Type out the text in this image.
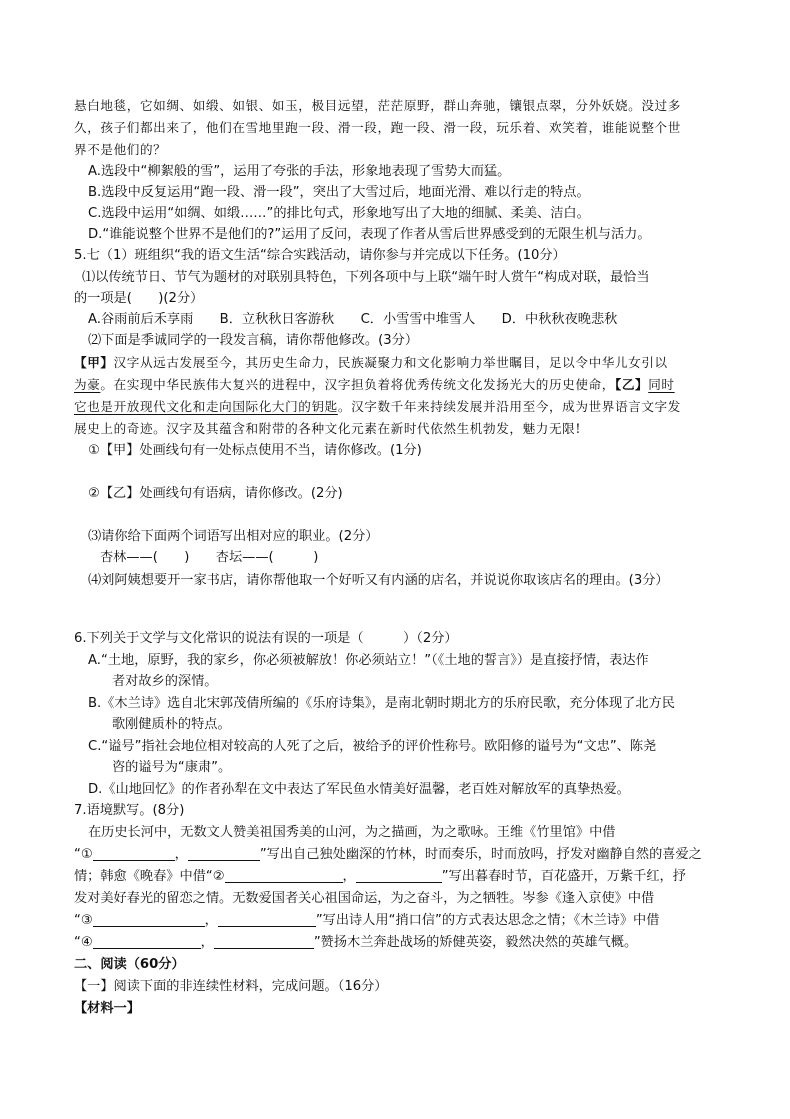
悬白地毯，它如绸、如缎、如银、如玉，极目远望，茫茫原野，群山奔驰，镶银点翠，分外妖娆。没过多
久，孩子们都出来了，他们在雪地里跑一段、滑一段，跑一段、滑一段，玩乐着、欢笑着，谁能说整个世
界不是他们的？
A.选段中“柳絮般的雪”，运用了夸张的手法，形象地表现了雪势大而猛。
B.选段中反复运用“跑一段、滑一段”，突出了大雪过后，地面光滑、难以行走的特点。
C.选段中运用“如绸、如缎……”的排比句式，形象地写出了大地的细腻、柔美、洁白。
D.“谁能说整个世界不是他们的?”运用了反问，表现了作者从雪后世界感受到的无限生机与活力。
5.七（1）班组织“我的语文生活“综合实践活动，请你参与并完成以下任务。(10分）
⑴以传统节日、节气为题材的对联别具特色，下列各项中与上联“端午时人赏午“构成对联，最恰当
的一项是(　　)(2分）
A.谷雨前后禾享雨　　B．立秋秋日客游秋　　C．小雪雪中堆雪人　　D．中秋秋夜晚悲秋
⑵下面是季诚同学的一段发言稿，请你帮他修改。(3分）
【甲】汉字从远古发展至今，其历史生命力，民族凝聚力和文化影响力举世瞩目，足以令中华儿女引以
为豪。在实现中华民族伟大复兴的进程中，汉字担负着将优秀传统文化发扬光大的历史使命，【乙】同时
它也是开放现代文化和走向国际化大门的钥匙。汉字数千年来持续发展并沿用至今，成为世界语言文字发
展史上的奇迹。汉字及其蕴含和附带的各种文化元素在新时代依然生机勃发，魅力无限!
①【甲】处画线句有一处标点使用不当，请你修改。(1分)
②【乙】处画线句有语病，请你修改。(2分)
⑶请你给下面两个词语写出相对应的职业。(2分）
杏林——(　　)　　杏坛——(　　　)
⑷刘阿姨想要开一家书店，请你帮他取一个好听又有内涵的店名，并说说你取该店名的理由。(3分）
6.下列关于文学与文化常识的说法有误的一项是（　　　）（2分）
A.“土地，原野，我的家乡，你必须被解放！你必须站立！”（《土地的誓言》）是直接抒情，表达作
者对故乡的深情。
B.《木兰诗》选自北宋郭茂倩所编的《乐府诗集》，是南北朝时期北方的乐府民歌，充分体现了北方民
歌刚健质朴的特点。
C.“谥号”指社会地位相对较高的人死了之后，被给予的评价性称号。欧阳修的谥号为“文忠”、陈尧
咨的谥号为“康肃”。
D.《山地回忆》的作者孙犁在文中表达了军民鱼水情美好温馨，老百姓对解放军的真挚热爱。
7.语境默写。(8分)
在历史长河中，无数文人赞美祖国秀美的山河，为之描画，为之歌咏。王维《竹里馆》中借
“①	，	”写出自己独处幽深的竹林，时而奏乐，时而放吗，抒发对幽静自然的喜爱之
情；韩愈《晚春》中借“②	，	”写出暮春时节，百花盛开，万紫千红，抒
发对美好春光的留恋之情。无数爱国者关心祖国命运，为之奋斗，为之牺牲。岑参《逢入京使》中借
“③	，	”写出诗人用“捎口信”的方式表达思念之情；《木兰诗》中借
“④	，	”赞扬木兰奔赴战场的矫健英姿，毅然决然的英雄气概。
二、阅读（60分）
【一】阅读下面的非连续性材料，完成问题。（16分）
【材料一】
